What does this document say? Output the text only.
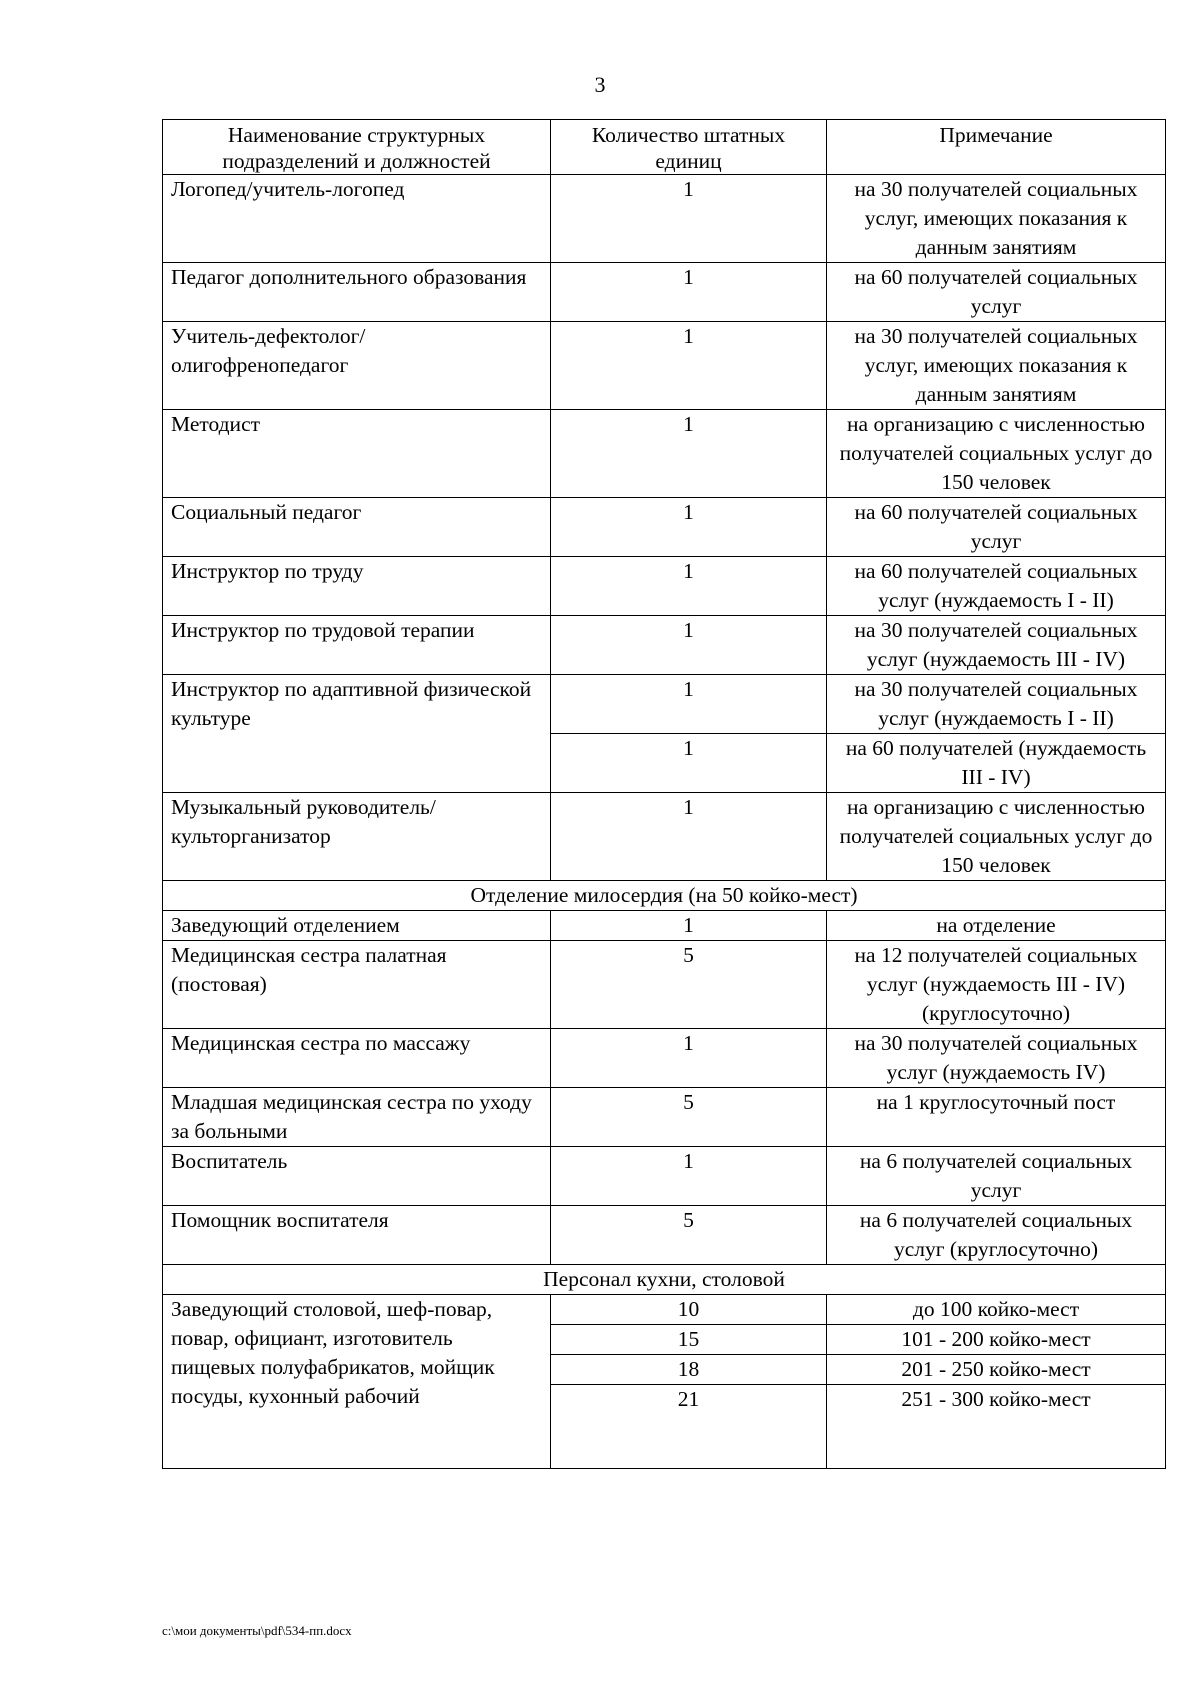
3
Наименование структурных подразделений и должностей	Количество штатных единиц	Примечание
Логопед/учитель-логопед	1	на 30 получателей социальных услуг, имеющих показания к данным занятиям
Педагог дополнительного образования	1	на 60 получателей социальных услуг
Учитель-дефектолог/олигофренопедагог	1	на 30 получателей социальных услуг, имеющих показания к данным занятиям
Методист	1	на организацию с численностью получателей социальных услуг до 150 человек
Социальный педагог	1	на 60 получателей социальных услуг
Инструктор по труду	1	на 60 получателей социальных услуг (нуждаемость I - II)
Инструктор по трудовой терапии	1	на 30 получателей социальных услуг (нуждаемость III - IV)
Инструктор по адаптивной физической культуре	1	на 30 получателей социальных услуг (нуждаемость I - II)
	1	на 60 получателей (нуждаемость III - IV)
Музыкальный руководитель/культорганизатор	1	на организацию с численностью получателей социальных услуг до 150 человек
Отделение милосердия (на 50 койко-мест)		
Заведующий отделением	1	на отделение
Медицинская сестра палатная (постовая)	5	на 12 получателей социальных услуг (нуждаемость III - IV) (круглосуточно)
Медицинская сестра по массажу	1	на 30 получателей социальных услуг (нуждаемость IV)
Младшая медицинская сестра по уходу за больными	5	на 1 круглосуточный пост
Воспитатель	1	на 6 получателей социальных услуг
Помощник воспитателя	5	на 6 получателей социальных услуг (круглосуточно)
Персонал кухни, столовой		
Заведующий столовой, шеф-повар, повар, официант, изготовитель пищевых полуфабрикатов, мойщик посуды, кухонный рабочий	10	до 100 койко-мест
	15	101 - 200 койко-мест
	18	201 - 250 койко-мест
	21	251 - 300 койко-мест
c:\мои документы\pdf\534-пп.docx
